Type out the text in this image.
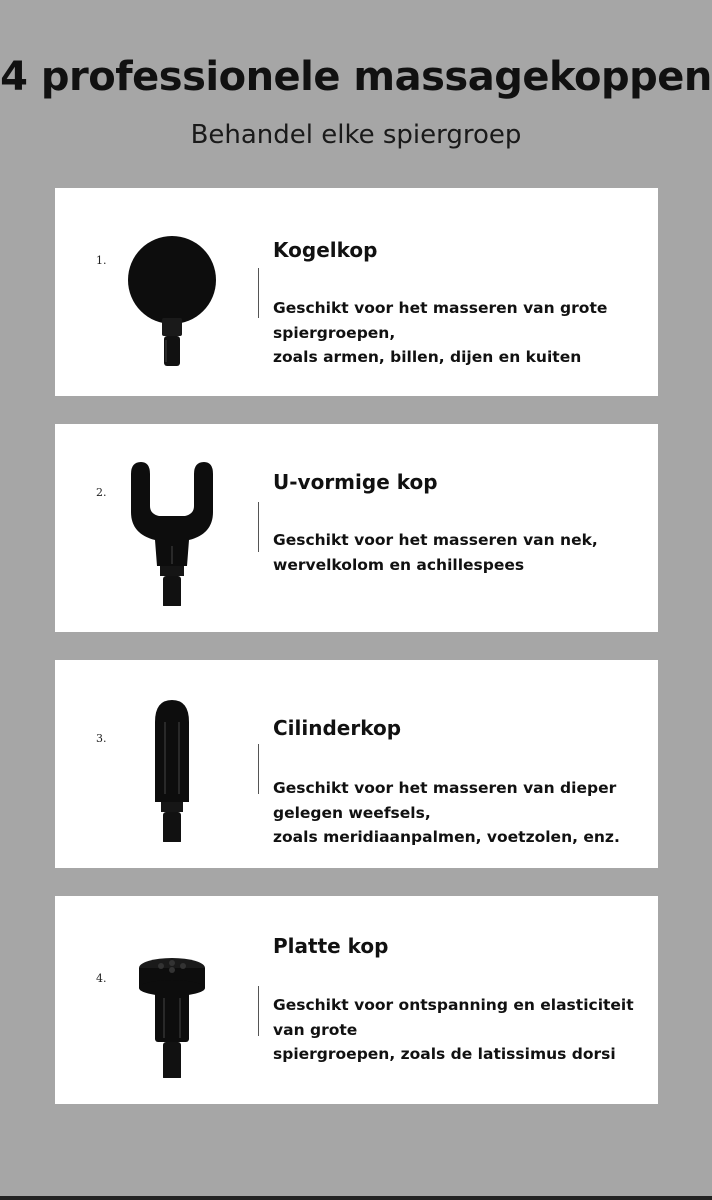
4 professionele massagekoppen
Behandel elke spiergroep
1.	Kogelkop
Geschikt voor het masseren van grote
spiergroepen,
zoals armen, billen, dijen en kuiten
2.	U-vormige kop
Geschikt voor het masseren van nek,
wervelkolom en achillespees
3.	Cilinderkop
Geschikt voor het masseren van dieper
gelegen weefsels,
zoals meridiaanpalmen, voetzolen, enz.
4.
Platte kop
Geschikt voor ontspanning en elasticiteit
van grote
spiergroepen, zoals de latissimus dorsi
